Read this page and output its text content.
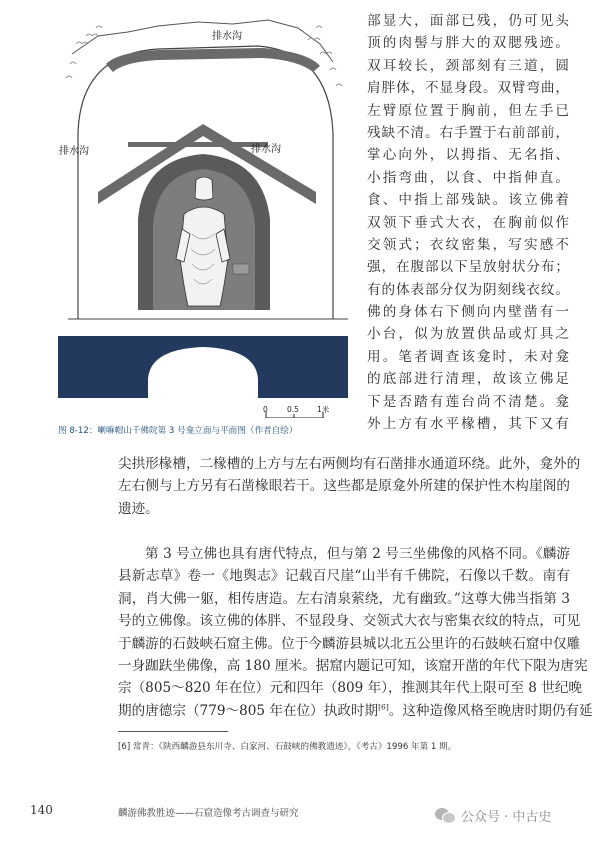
0	0.5 1米
排水沟
排水沟	排水沟
图 8-12：喇嘛帽山千佛院第 3 号龛立面与平面图（作者自绘）
部显大，面部已残，仍可见头
顶的肉髻与胖大的双腮残迹。
双耳较长，颈部刻有三道，圆
肩胖体，不显身段。双臂弯曲，
左臂原位置于胸前，但左手已
残缺不清。右手置于右前部前，
掌心向外，以拇指、无名指、
小指弯曲，以食、中指伸直。
食、中指上部残缺。该立佛着
双领下垂式大衣，在胸前似作
交领式；衣纹密集，写实感不
强，在腹部以下呈放射状分布；
有的体表部分仅为阴刻线衣纹。
佛的身体右下侧向内壁凿有一
小台，似为放置供品或灯具之
用。笔者调查该龛时，未对龛
的底部进行清理，故该立佛足
下是否踏有莲台尚不清楚。龛
外上方有水平椽槽，其下又有
尖拱形椽槽，二椽槽的上方与左右两侧均有石凿排水通道环绕。此外，龛外的
左右侧与上方另有石凿椽眼若干。这些都是原龛外所建的保护性木构崖阁的
遗迹。
第 3 号立佛也具有唐代特点，但与第 2 号三坐佛像的风格不同。《麟游
县新志草》卷一《地舆志》记载百尺崖“山半有千佛院，石像以千数。南有
洞，肖大佛一躯，相传唐造。左右清泉萦绕，尤有幽致。”这尊大佛当指第 3
号的立佛像。该立佛的体胖、不显段身、交领式大衣与密集衣纹的特点，可见
于麟游的石鼓峡石窟主佛。位于今麟游县城以北五公里许的石鼓峡石窟中仅雕
一身跏趺坐佛像，高 180 厘米。据窟内题记可知，该窟开凿的年代下限为唐宪
宗（805～820 年在位）元和四年（809 年），推测其年代上限可至 8 世纪晚
期的唐德宗（779～805 年在位）执政时期[6]。这种造像风格至晚唐时期仍有延
[6] 常青：《陕西麟游县东川寺、白家河、石鼓峡的佛教遗迹》，《考古》1996 年第 1 期。
140	麟游佛教胜迹——石窟造像考古调查与研究	公众号 · 中古史
